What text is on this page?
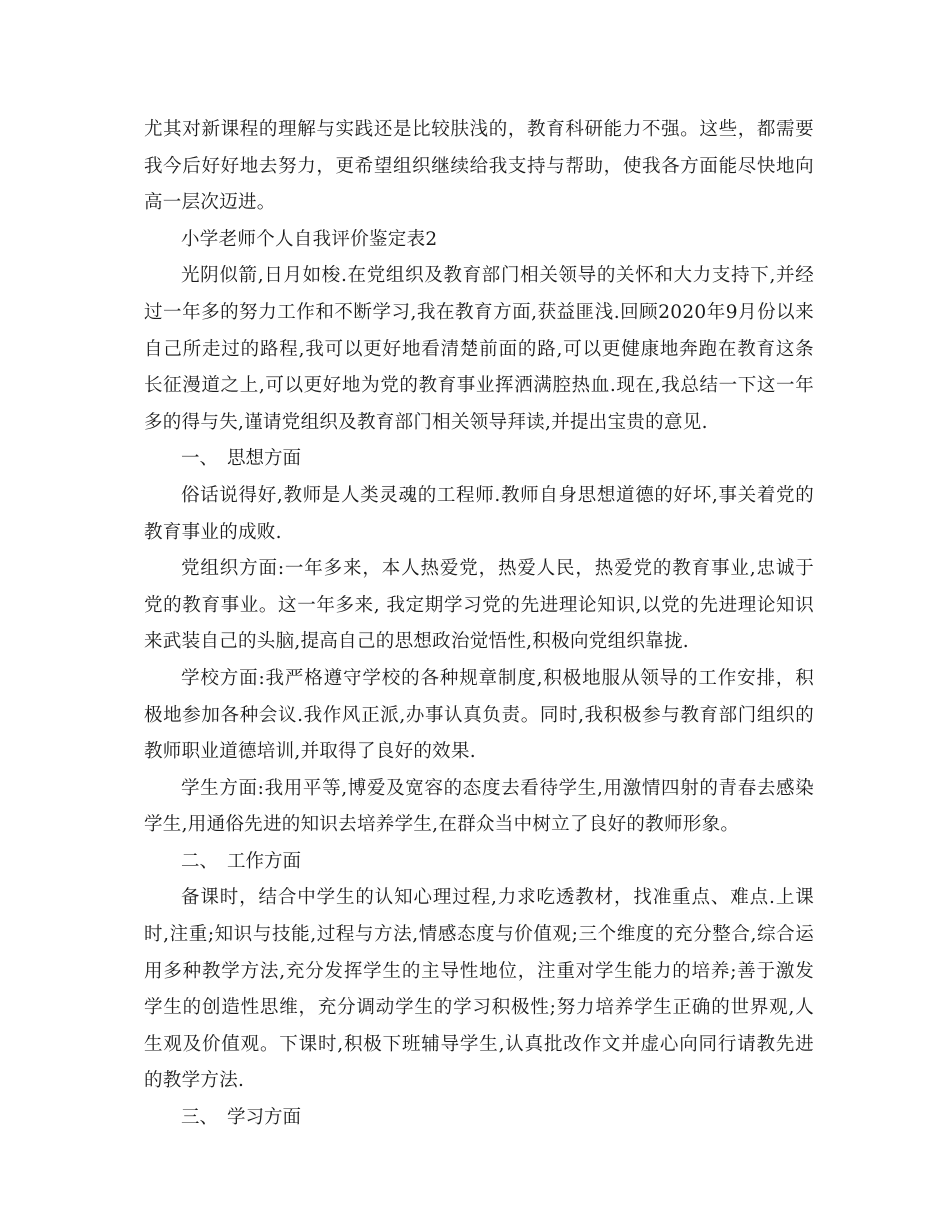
尤其对新课程的理解与实践还是比较肤浅的，教育科研能力不强。这些，都需要我今后好好地去努力，更希望组织继续给我支持与帮助，使我各方面能尽快地向高一层次迈进。

小学老师个人自我评价鉴定表2

光阴似箭,日月如梭.在党组织及教育部门相关领导的关怀和大力支持下,并经过一年多的努力工作和不断学习,我在教育方面,获益匪浅.回顾2020年9月份以来自己所走过的路程,我可以更好地看清楚前面的路,可以更健康地奔跑在教育这条长征漫道之上,可以更好地为党的教育事业挥洒满腔热血.现在,我总结一下这一年多的得与失,谨请党组织及教育部门相关领导拜读,并提出宝贵的意见.

一、 思想方面

俗话说得好,教师是人类灵魂的工程师.教师自身思想道德的好坏,事关着党的教育事业的成败.

党组织方面:一年多来，本人热爱党，热爱人民，热爱党的教育事业,忠诚于党的教育事业。这一年多来, 我定期学习党的先进理论知识,以党的先进理论知识来武装自己的头脑,提高自己的思想政治觉悟性,积极向党组织靠拢.

学校方面:我严格遵守学校的各种规章制度,积极地服从领导的工作安排，积极地参加各种会议.我作风正派,办事认真负责。同时,我积极参与教育部门组织的教师职业道德培训,并取得了良好的效果.

学生方面:我用平等,博爱及宽容的态度去看待学生,用激情四射的青春去感染学生,用通俗先进的知识去培养学生,在群众当中树立了良好的教师形象。

二、 工作方面

备课时，结合中学生的认知心理过程,力求吃透教材，找准重点、难点.上课时,注重;知识与技能,过程与方法,情感态度与价值观;三个维度的充分整合,综合运用多种教学方法,充分发挥学生的主导性地位，注重对学生能力的培养;善于激发学生的创造性思维，充分调动学生的学习积极性;努力培养学生正确的世界观,人生观及价值观。下课时,积极下班辅导学生,认真批改作文并虚心向同行请教先进的教学方法.

三、 学习方面
